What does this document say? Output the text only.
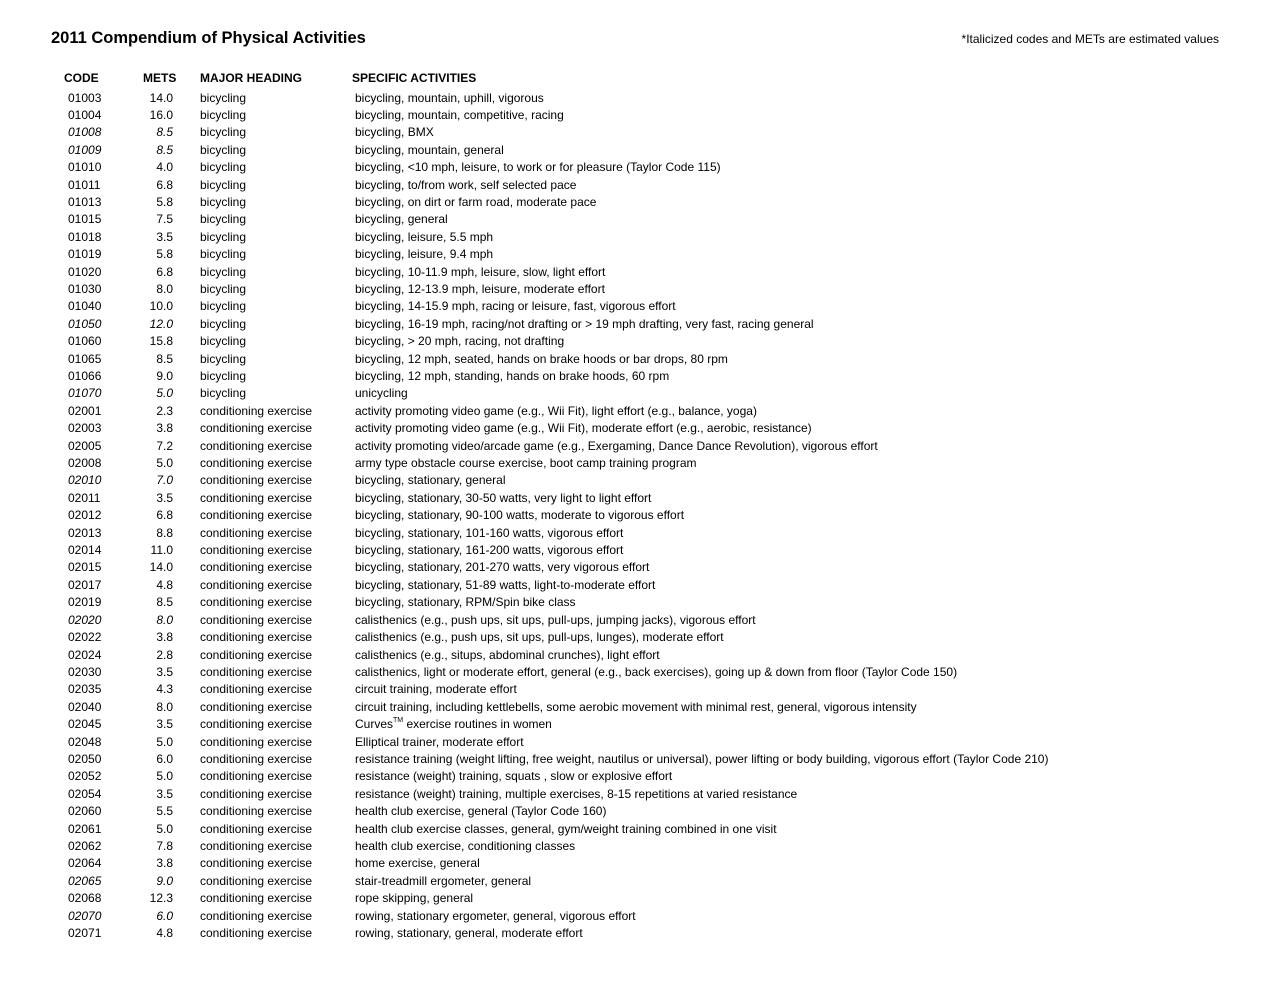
2011 Compendium of Physical Activities	*Italicized codes and METs are estimated values
CODE	METS MAJOR HEADING	SPECIFIC ACTIVITIES
01003	14.0 bicycling	bicycling, mountain, uphill, vigorous
01004	16.0 bicycling	bicycling, mountain, competitive, racing
01008	8.5 bicycling	bicycling, BMX
01009	8.5 bicycling	bicycling, mountain, general
01010	4.0 bicycling	bicycling, <10 mph, leisure, to work or for pleasure (Taylor Code 115)
01011	6.8 bicycling	bicycling, to/from work, self selected pace
01013	5.8 bicycling	bicycling, on dirt or farm road, moderate pace
01015	7.5 bicycling	bicycling, general
01018	3.5 bicycling	bicycling, leisure, 5.5 mph
01019	5.8 bicycling	bicycling, leisure, 9.4 mph
01020	6.8 bicycling	bicycling, 10-11.9 mph, leisure, slow, light effort
01030	8.0 bicycling	bicycling, 12-13.9 mph, leisure, moderate effort
01040	10.0 bicycling	bicycling, 14-15.9 mph, racing or leisure, fast, vigorous effort
01050	12.0 bicycling	bicycling, 16-19 mph, racing/not drafting or > 19 mph drafting, very fast, racing general
01060	15.8 bicycling	bicycling, > 20 mph, racing, not drafting
01065	8.5 bicycling	bicycling, 12 mph, seated, hands on brake hoods or bar drops, 80 rpm
01066	9.0 bicycling	bicycling, 12 mph, standing, hands on brake hoods, 60 rpm
01070	5.0 bicycling	unicycling
02001	2.3 conditioning exercise	activity promoting video game (e.g., Wii Fit), light effort (e.g., balance, yoga)
02003	3.8 conditioning exercise	activity promoting video game (e.g., Wii Fit), moderate effort (e.g., aerobic, resistance)
02005	7.2 conditioning exercise	activity promoting video/arcade game (e.g., Exergaming, Dance Dance Revolution), vigorous effort
02008	5.0 conditioning exercise	army type obstacle course exercise, boot camp training program
02010	7.0 conditioning exercise	bicycling, stationary, general
02011	3.5 conditioning exercise	bicycling, stationary, 30-50 watts, very light to light effort
02012	6.8 conditioning exercise	bicycling, stationary, 90-100 watts, moderate to vigorous effort
02013	8.8 conditioning exercise	bicycling, stationary, 101-160 watts, vigorous effort
02014	11.0 conditioning exercise	bicycling, stationary, 161-200 watts, vigorous effort
02015	14.0 conditioning exercise	bicycling, stationary, 201-270 watts, very vigorous effort
02017	4.8 conditioning exercise	bicycling, stationary, 51-89 watts, light-to-moderate effort
02019	8.5 conditioning exercise	bicycling, stationary, RPM/Spin bike class
02020	8.0 conditioning exercise	calisthenics (e.g., push ups, sit ups, pull-ups, jumping jacks), vigorous effort
02022	3.8 conditioning exercise	calisthenics (e.g., push ups, sit ups, pull-ups, lunges), moderate effort
02024	2.8 conditioning exercise	calisthenics (e.g., situps, abdominal crunches), light effort
02030	3.5 conditioning exercise	calisthenics, light or moderate effort, general (e.g., back exercises), going up & down from floor (Taylor Code 150)
02035	4.3 conditioning exercise	circuit training, moderate effort
02040	8.0 conditioning exercise	circuit training, including kettlebells, some aerobic movement with minimal rest, general, vigorous intensity
02045	3.5 conditioning exercise	Curves™ exercise routines in women
02048	5.0 conditioning exercise	Elliptical trainer, moderate effort
02050	6.0 conditioning exercise	resistance training (weight lifting, free weight, nautilus or universal), power lifting or body building, vigorous effort (Taylor Code 210)
02052	5.0 conditioning exercise	resistance (weight) training, squats , slow or explosive effort
02054	3.5 conditioning exercise	resistance (weight) training, multiple exercises, 8-15 repetitions at varied resistance
02060	5.5 conditioning exercise	health club exercise, general (Taylor Code 160)
02061	5.0 conditioning exercise	health club exercise classes, general, gym/weight training combined in one visit
02062	7.8 conditioning exercise	health club exercise, conditioning classes
02064	3.8 conditioning exercise	home exercise, general
02065	9.0 conditioning exercise	stair-treadmill ergometer, general
02068	12.3 conditioning exercise	rope skipping, general
02070	6.0 conditioning exercise	rowing, stationary ergometer, general, vigorous effort
02071	4.8 conditioning exercise	rowing, stationary, general, moderate effort
